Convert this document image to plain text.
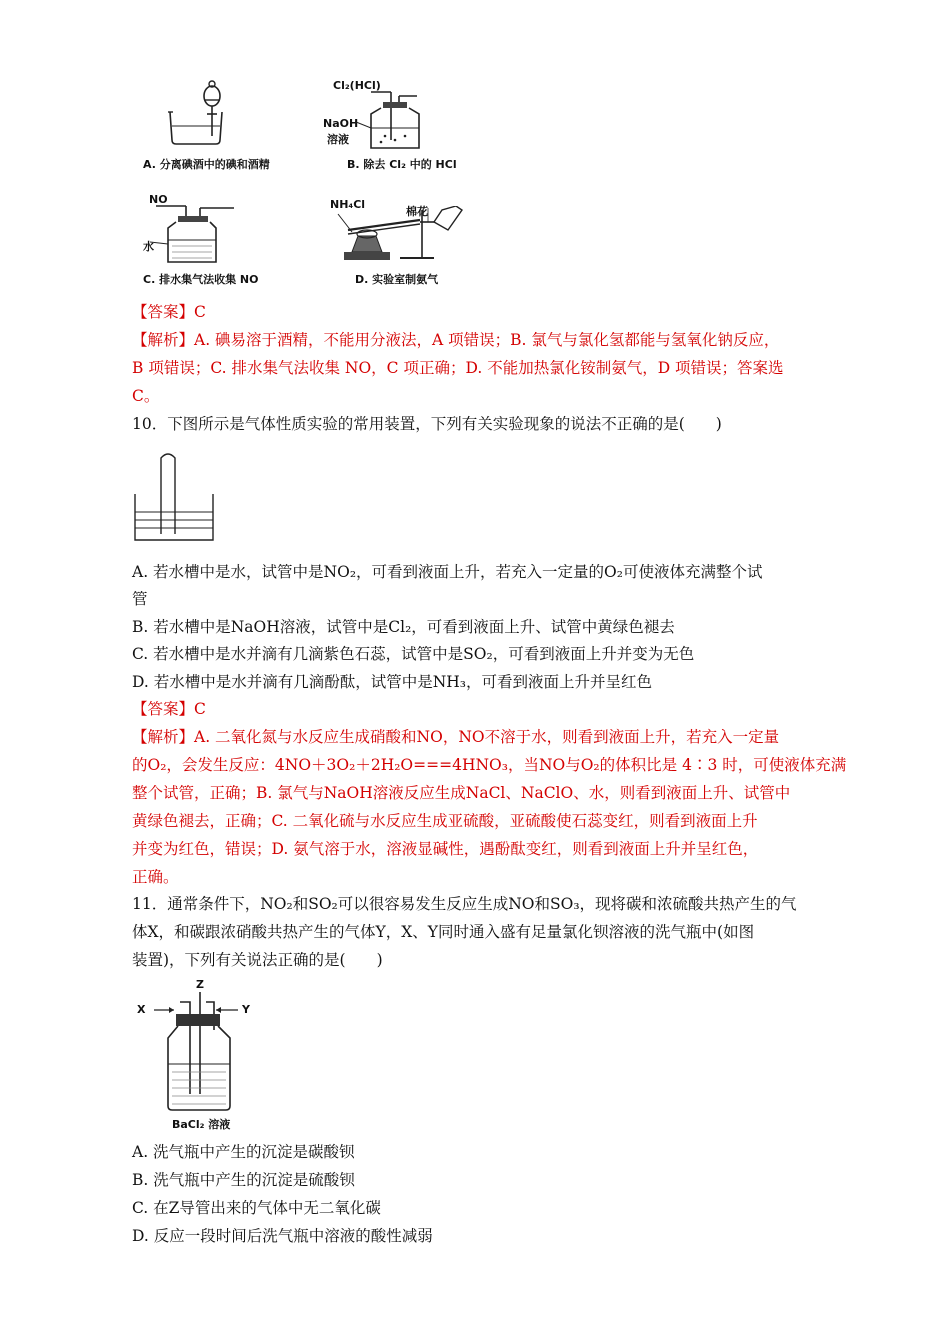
A. 分离碘酒中的碘和酒精
Cl₂(HCl)
NaOH
溶液
B. 除去 Cl₂ 中的 HCl
NO
水
C. 排水集气法收集 NO
NH₄Cl
棉花
D. 实验室制氨气
【答案】C
【解析】A. 碘易溶于酒精，不能用分液法，A 项错误；B. 氯气与氯化氢都能与氢氧化钠反应，
B 项错误；C. 排水集气法收集 NO，C 项正确；D. 不能加热氯化铵制氨气，D 项错误；答案选
C。
10．下图所示是气体性质实验的常用装置，下列有关实验现象的说法不正确的是(　　)
A. 若水槽中是水，试管中是NO₂，可看到液面上升，若充入一定量的O₂可使液体充满整个试
管
B. 若水槽中是NaOH溶液，试管中是Cl₂，可看到液面上升、试管中黄绿色褪去
C. 若水槽中是水并滴有几滴紫色石蕊，试管中是SO₂，可看到液面上升并变为无色
D. 若水槽中是水并滴有几滴酚酞，试管中是NH₃，可看到液面上升并呈红色
【答案】C
【解析】A. 二氧化氮与水反应生成硝酸和NO，NO不溶于水，则看到液面上升，若充入一定量
的O₂，会发生反应：4NO＋3O₂＋2H₂O===4HNO₃，当NO与O₂的体积比是 4∶3 时，可使液体充满
整个试管，正确；B. 氯气与NaOH溶液反应生成NaCl、NaClO、水，则看到液面上升、试管中
黄绿色褪去，正确；C. 二氧化硫与水反应生成亚硫酸，亚硫酸使石蕊变红，则看到液面上升
并变为红色，错误；D. 氨气溶于水，溶液显碱性，遇酚酞变红，则看到液面上升并呈红色，
正确。
11．通常条件下，NO₂和SO₂可以很容易发生反应生成NO和SO₃，现将碳和浓硫酸共热产生的气
体X，和碳跟浓硝酸共热产生的气体Y，X、Y同时通入盛有足量氯化钡溶液的洗气瓶中(如图
装置)，下列有关说法正确的是(　　)
X	Y
Z
BaCl₂ 溶液
A. 洗气瓶中产生的沉淀是碳酸钡
B. 洗气瓶中产生的沉淀是硫酸钡
C. 在Z导管出来的气体中无二氧化碳
D. 反应一段时间后洗气瓶中溶液的酸性减弱
